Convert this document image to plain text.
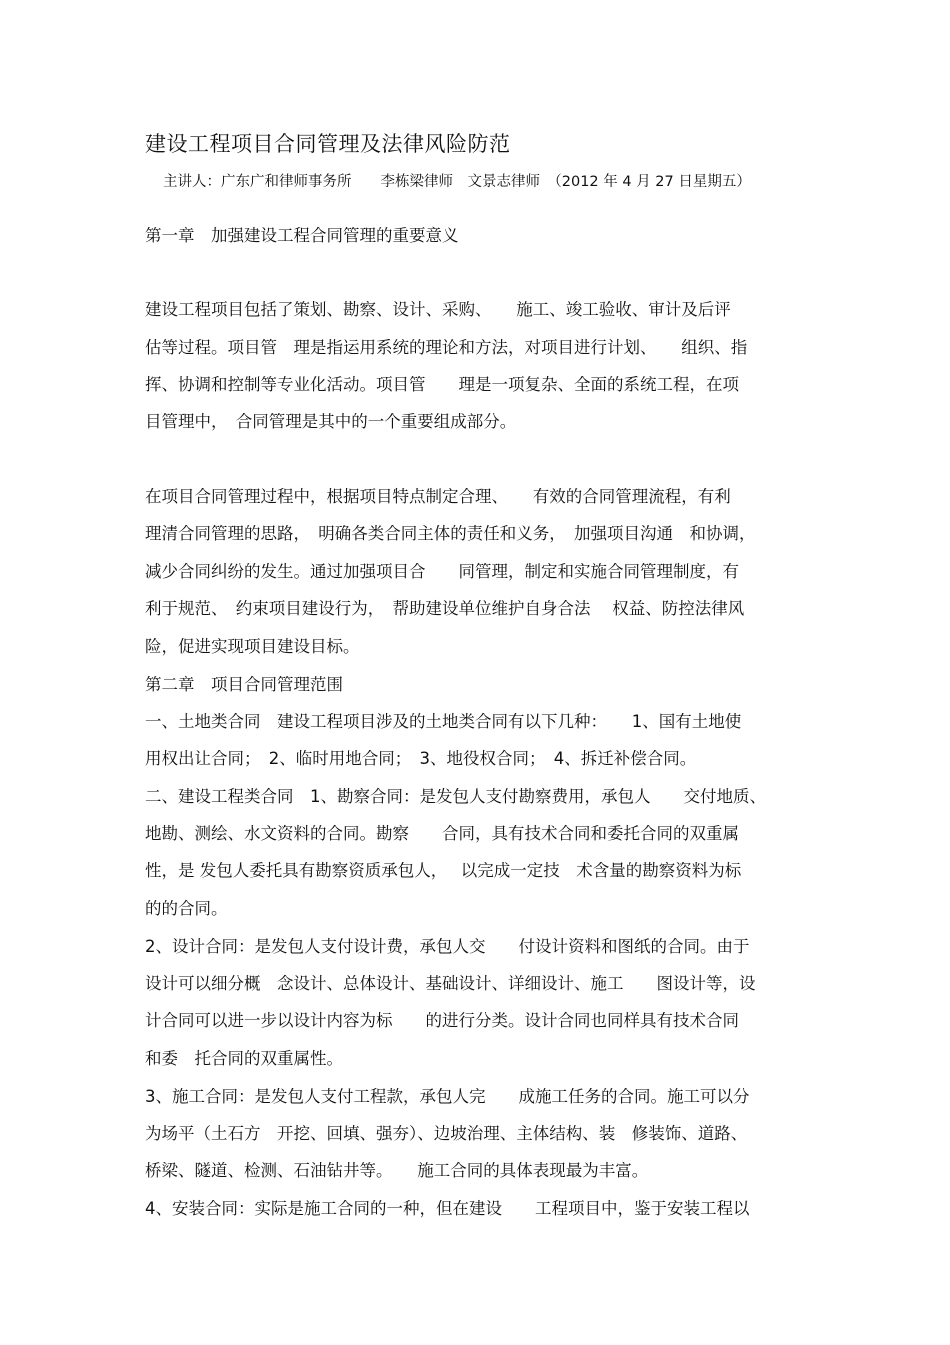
建设工程项目合同管理及法律风险防范
主讲人：广东广和律师事务所　　李栋梁律师　文景志律师　（2012 年 4 月 27 日星期五）
第一章　加强建设工程合同管理的重要意义
建设工程项目包括了策划、勘察、设计、采购、　　施工、竣工验收、审计及后评
估等过程。项目管　理是指运用系统的理论和方法，对项目进行计划、　　组织、指
挥、协调和控制等专业化活动。项目管　　理是一项复杂、全面的系统工程，在项
目管理中，　合同管理是其中的一个重要组成部分。
在项目合同管理过程中，根据项目特点制定合理、　　有效的合同管理流程，有利
理清合同管理的思路，　明确各类合同主体的责任和义务，　加强项目沟通　和协调，
减少合同纠纷的发生。通过加强项目合　　同管理，制定和实施合同管理制度，有
利于规范、　约束项目建设行为，　帮助建设单位维护自身合法　 权益、防控法律风
险，促进实现项目建设目标。
第二章　项目合同管理范围
一、土地类合同　建设工程项目涉及的土地类合同有以下几种：　　1、国有土地使
用权出让合同；　2、临时用地合同；　3、地役权合同；　4、拆迁补偿合同。
二、建设工程类合同　1、勘察合同：是发包人支付勘察费用，承包人　　交付地质、
地勘、测绘、水文资料的合同。勘察　　合同，具有技术合同和委托合同的双重属
性，是 发包人委托具有勘察资质承包人，　 以完成一定技　术含量的勘察资料为标
的的合同。
2、设计合同：是发包人支付设计费，承包人交　　付设计资料和图纸的合同。由于
设计可以细分概　念设计、总体设计、基础设计、详细设计、施工　　图设计等，设
计合同可以进一步以设计内容为标　　的进行分类。设计合同也同样具有技术合同
和委　托合同的双重属性。
3、施工合同：是发包人支付工程款，承包人完　　成施工任务的合同。施工可以分
为场平（土石方　开挖、回填、强夯）、边坡治理、主体结构、装　修装饰、道路、
桥梁、隧道、检测、石油钻井等。　　施工合同的具体表现最为丰富。
4、安装合同：实际是施工合同的一种，但在建设　　工程项目中，鉴于安装工程以
